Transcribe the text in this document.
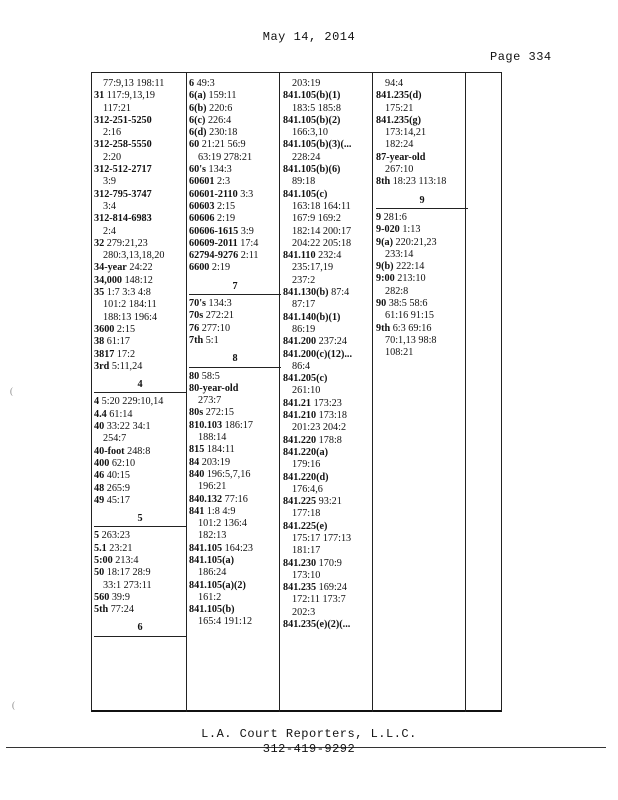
May 14, 2014
Page 334
77:9,13 198:11
31 117:9,13,19
117:21
312-251-5250
2:16
312-258-5550
2:20
312-512-2717
3:9
312-795-3747
3:4
312-814-6983
2:4
32 279:21,23
280:3,13,18,20
34-year 24:22
34,000 148:12
35 1:7 3:3 4:8
101:2 184:11
188:13 196:4
3600 2:15
38 61:17
3817 17:2
3rd 5:11,24
4
4 5:20 229:10,14
4.4 61:14
40 33:22 34:1
254:7
40-foot 248:8
400 62:10
46 40:15
48 265:9
49 45:17
5
5 263:23
5.1 23:21
5:00 213:4
50 18:17 28:9
33:1 273:11
560 39:9
5th 77:24
6
6 49:3
6(a) 159:11
6(b) 220:6
6(c) 226:4
6(d) 230:18
60 21:21 56:9
63:19 278:21
60's 134:3
60601 2:3
60601-2110 3:3
60603 2:15
60606 2:19
60606-1615 3:9
60609-2011 17:4
62794-9276 2:11
6600 2:19
7
70's 134:3
70s 272:21
76 277:10
7th 5:1
8
80 58:5
80-year-old
273:7
80s 272:15
810.103 186:17
188:14
815 184:11
84 203:19
840 196:5,7,16
196:21
840.132 77:16
841 1:8 4:9
101:2 136:4
182:13
841.105 164:23
841.105(a)
186:24
841.105(a)(2)
161:2
841.105(b)
165:4 191:12
203:19
841.105(b)(1)
183:5 185:8
841.105(b)(2)
166:3,10
841.105(b)(3)(...
228:24
841.105(b)(6)
89:18
841.105(c)
163:18 164:11
167:9 169:2
182:14 200:17
204:22 205:18
841.110 232:4
235:17,19
237:2
841.130(b) 87:4
87:17
841.140(b)(1)
86:19
841.200 237:24
841.200(c)(12)...
86:4
841.205(c)
261:10
841.21 173:23
841.210 173:18
201:23 204:2
841.220 178:8
841.220(a)
179:16
841.220(d)
176:4,6
841.225 93:21
177:18
841.225(e)
175:17 177:13
181:17
841.230 170:9
173:10
841.235 169:24
172:11 173:7
202:3
841.235(e)(2)(...
94:4
841.235(d)
175:21
841.235(g)
173:14,21
182:24
87-year-old
267:10
8th 18:23 113:18
9
9 281:6
9-020 1:13
9(a) 220:21,23
233:14
9(b) 222:14
9:00 213:10
282:8
90 38:5 58:6
61:16 91:15
9th 6:3 69:16
70:1,13 98:8
108:21
L.A. Court Reporters, L.L.C.
312-419-9292
(
(
